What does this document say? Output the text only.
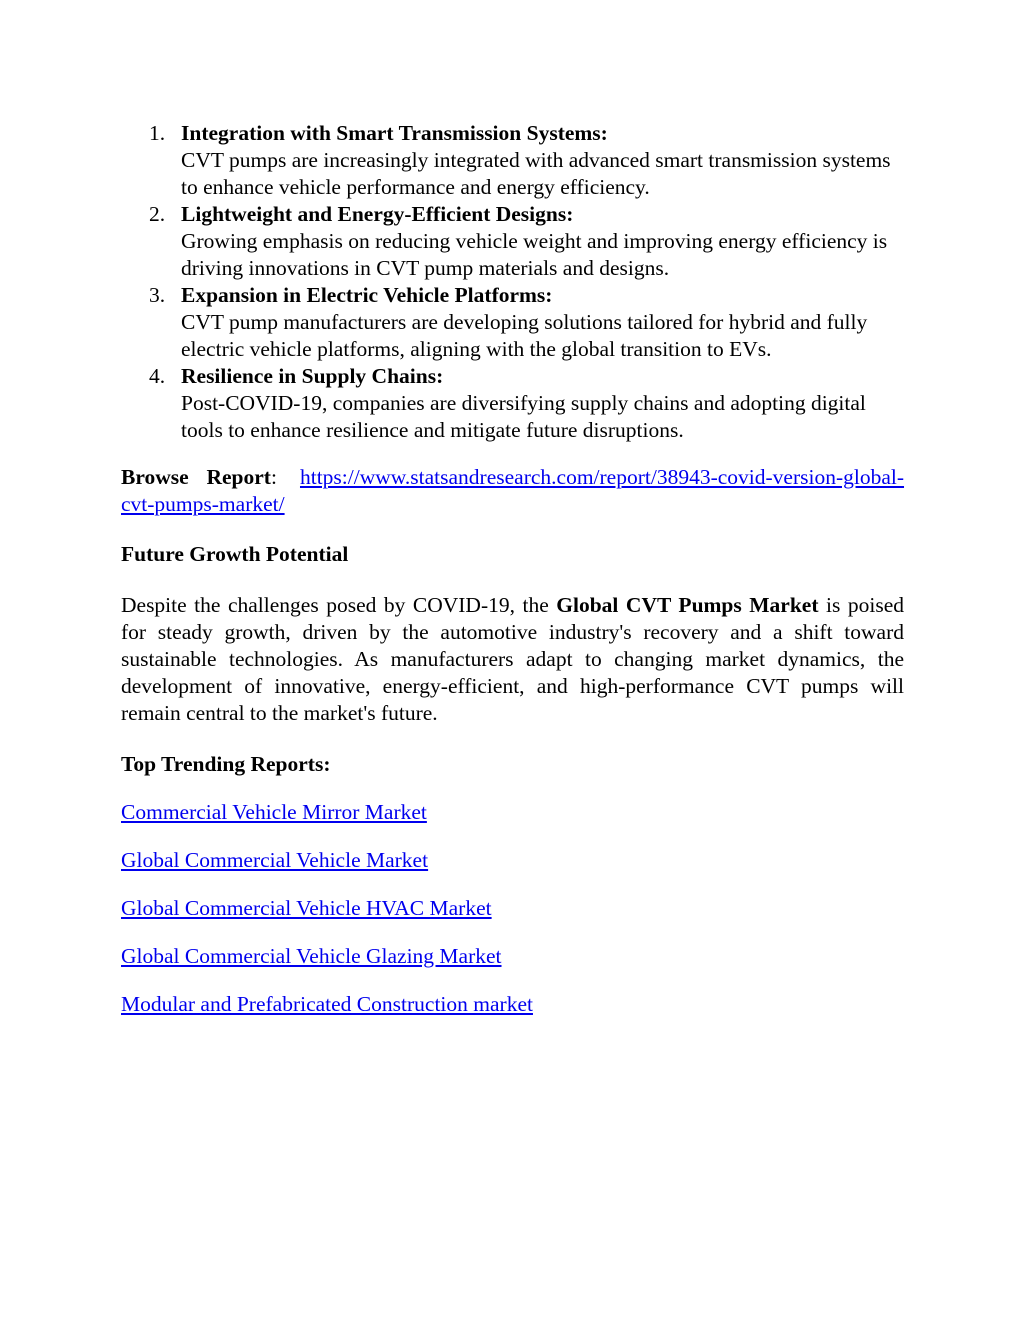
1. Integration with Smart Transmission Systems:
CVT pumps are increasingly integrated with advanced smart transmission systems to enhance vehicle performance and energy efficiency.
2. Lightweight and Energy-Efficient Designs:
Growing emphasis on reducing vehicle weight and improving energy efficiency is driving innovations in CVT pump materials and designs.
3. Expansion in Electric Vehicle Platforms:
CVT pump manufacturers are developing solutions tailored for hybrid and fully electric vehicle platforms, aligning with the global transition to EVs.
4. Resilience in Supply Chains:
Post-COVID-19, companies are diversifying supply chains and adopting digital tools to enhance resilience and mitigate future disruptions.
Browse Report: https://www.statsandresearch.com/report/38943-covid-version-global-cvt-pumps-market/
Future Growth Potential

Despite the challenges posed by COVID-19, the Global CVT Pumps Market is poised for steady growth, driven by the automotive industry's recovery and a shift toward sustainable technologies. As manufacturers adapt to changing market dynamics, the development of innovative, energy-efficient, and high-performance CVT pumps will remain central to the market's future.

Top Trending Reports:
Commercial Vehicle Mirror Market
Global Commercial Vehicle Market
Global Commercial Vehicle HVAC Market
Global Commercial Vehicle Glazing Market
Modular and Prefabricated Construction market
